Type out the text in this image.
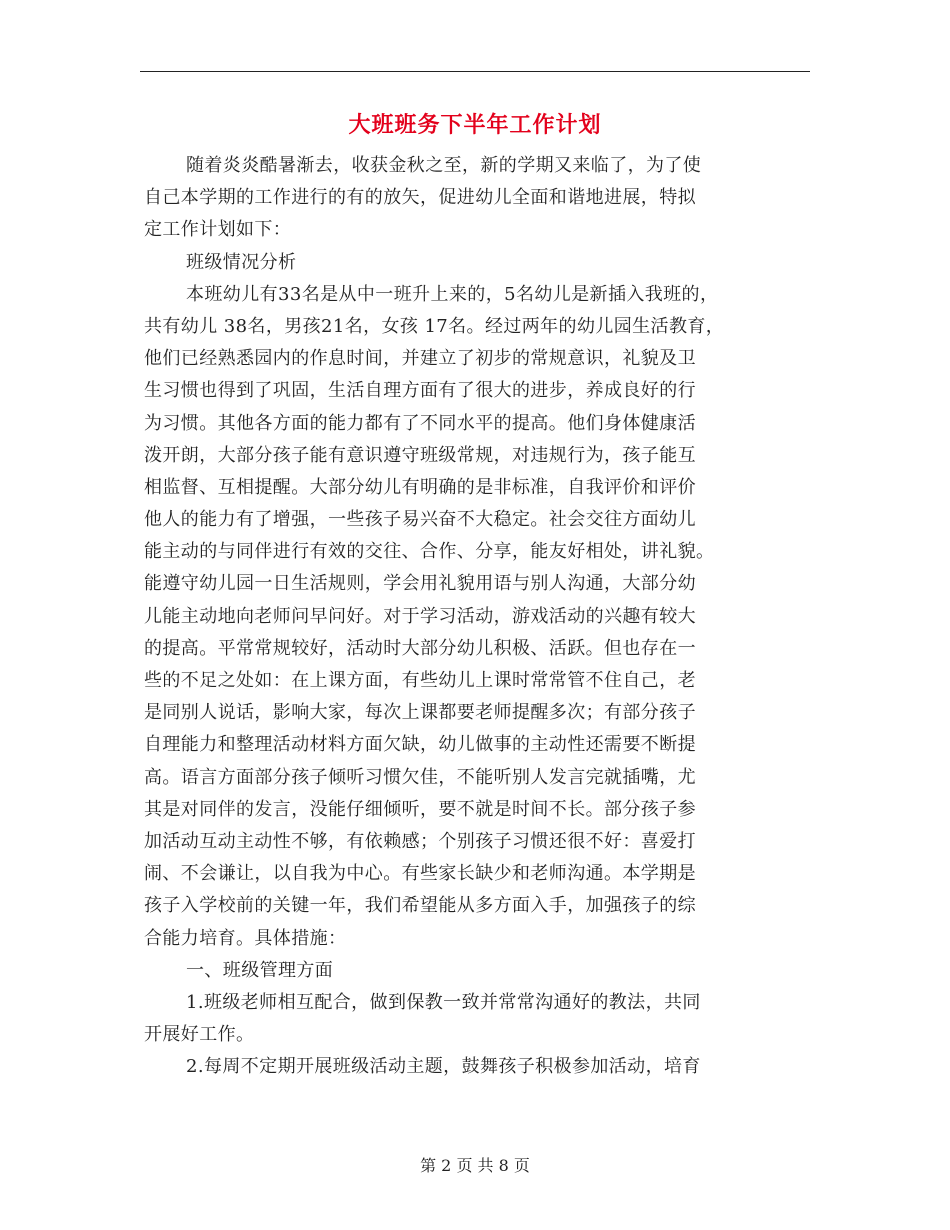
大班班务下半年工作计划
随着炎炎酷暑渐去，收获金秋之至，新的学期又来临了，为了使
自己本学期的工作进行的有的放矢，促进幼儿全面和谐地进展，特拟
定工作计划如下：
班级情况分析
本班幼儿有33名是从中一班升上来的，5名幼儿是新插入我班的，
共有幼儿 38名，男孩21名，女孩 17名。经过两年的幼儿园生活教育，
他们已经熟悉园内的作息时间，并建立了初步的常规意识，礼貌及卫
生习惯也得到了巩固，生活自理方面有了很大的进步，养成良好的行
为习惯。其他各方面的能力都有了不同水平的提高。他们身体健康活
泼开朗，大部分孩子能有意识遵守班级常规，对违规行为，孩子能互
相监督、互相提醒。大部分幼儿有明确的是非标准，自我评价和评价
他人的能力有了增强，一些孩子易兴奋不大稳定。社会交往方面幼儿
能主动的与同伴进行有效的交往、合作、分享，能友好相处，讲礼貌。
能遵守幼儿园一日生活规则，学会用礼貌用语与别人沟通，大部分幼
儿能主动地向老师问早问好。对于学习活动，游戏活动的兴趣有较大
的提高。平常常规较好，活动时大部分幼儿积极、活跃。但也存在一
些的不足之处如：在上课方面，有些幼儿上课时常常管不住自己，老
是同别人说话，影响大家，每次上课都要老师提醒多次；有部分孩子
自理能力和整理活动材料方面欠缺，幼儿做事的主动性还需要不断提
高。语言方面部分孩子倾听习惯欠佳，不能听别人发言完就插嘴，尤
其是对同伴的发言，没能仔细倾听，要不就是时间不长。部分孩子参
加活动互动主动性不够，有依赖感；个别孩子习惯还很不好：喜爱打
闹、不会谦让，以自我为中心。有些家长缺少和老师沟通。本学期是
孩子入学校前的关键一年，我们希望能从多方面入手，加强孩子的综
合能力培育。具体措施：
一、班级管理方面
1.班级老师相互配合，做到保教一致并常常沟通好的教法，共同
开展好工作。
2.每周不定期开展班级活动主题，鼓舞孩子积极参加活动，培育
第 2 页 共 8 页
